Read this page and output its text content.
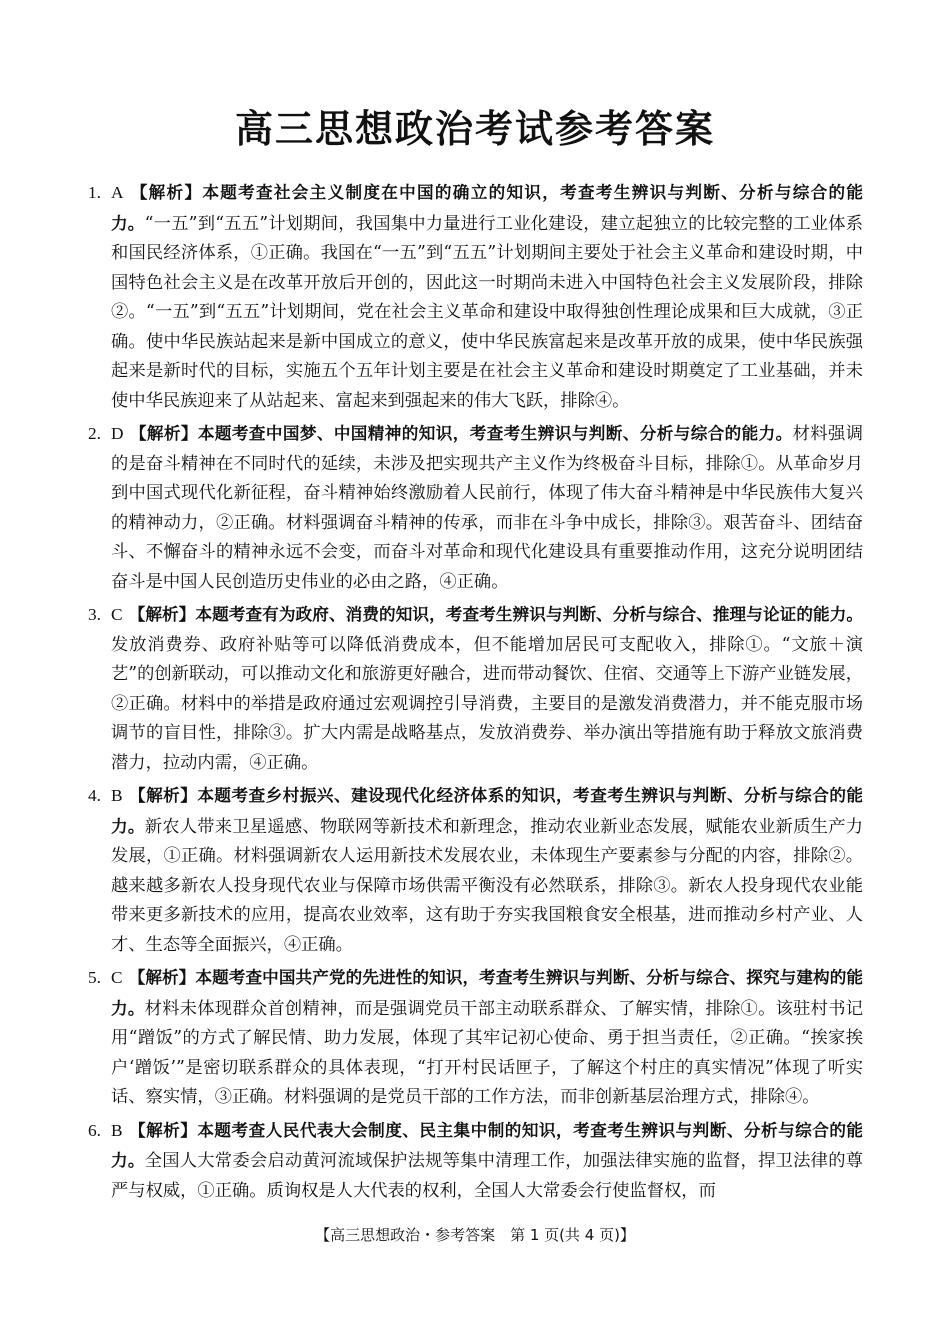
高三思想政治考试参考答案
1. A 【解析】本题考查社会主义制度在中国的确立的知识，考查考生辨识与判断、分析与综合的能力。“一五”到“五五”计划期间，我国集中力量进行工业化建设，建立起独立的比较完整的工业体系和国民经济体系，①正确。我国在“一五”到“五五”计划期间主要处于社会主义革命和建设时期，中国特色社会主义是在改革开放后开创的，因此这一时期尚未进入中国特色社会主义发展阶段，排除②。“一五”到“五五”计划期间，党在社会主义革命和建设中取得独创性理论成果和巨大成就，③正确。使中华民族站起来是新中国成立的意义，使中华民族富起来是改革开放的成果，使中华民族强起来是新时代的目标，实施五个五年计划主要是在社会主义革命和建设时期奠定了工业基础，并未使中华民族迎来了从站起来、富起来到强起来的伟大飞跃，排除④。
2. D 【解析】本题考查中国梦、中国精神的知识，考查考生辨识与判断、分析与综合的能力。材料强调的是奋斗精神在不同时代的延续，未涉及把实现共产主义作为终极奋斗目标，排除①。从革命岁月到中国式现代化新征程，奋斗精神始终激励着人民前行，体现了伟大奋斗精神是中华民族伟大复兴的精神动力，②正确。材料强调奋斗精神的传承，而非在斗争中成长，排除③。艰苦奋斗、团结奋斗、不懈奋斗的精神永远不会变，而奋斗对革命和现代化建设具有重要推动作用，这充分说明团结奋斗是中国人民创造历史伟业的必由之路，④正确。
3. C 【解析】本题考查有为政府、消费的知识，考查考生辨识与判断、分析与综合、推理与论证的能力。发放消费券、政府补贴等可以降低消费成本，但不能增加居民可支配收入，排除①。“文旅＋演艺”的创新联动，可以推动文化和旅游更好融合，进而带动餐饮、住宿、交通等上下游产业链发展，②正确。材料中的举措是政府通过宏观调控引导消费，主要目的是激发消费潜力，并不能克服市场调节的盲目性，排除③。扩大内需是战略基点，发放消费券、举办演出等措施有助于释放文旅消费潜力，拉动内需，④正确。
4. B 【解析】本题考查乡村振兴、建设现代化经济体系的知识，考查考生辨识与判断、分析与综合的能力。新农人带来卫星遥感、物联网等新技术和新理念，推动农业新业态发展，赋能农业新质生产力发展，①正确。材料强调新农人运用新技术发展农业，未体现生产要素参与分配的内容，排除②。越来越多新农人投身现代农业与保障市场供需平衡没有必然联系，排除③。新农人投身现代农业能带来更多新技术的应用，提高农业效率，这有助于夯实我国粮食安全根基，进而推动乡村产业、人才、生态等全面振兴，④正确。
5. C 【解析】本题考查中国共产党的先进性的知识，考查考生辨识与判断、分析与综合、探究与建构的能力。材料未体现群众首创精神，而是强调党员干部主动联系群众、了解实情，排除①。该驻村书记用“蹭饭”的方式了解民情、助力发展，体现了其牢记初心使命、勇于担当责任，②正确。“挨家挨户‘蹭饭’”是密切联系群众的具体表现，“打开村民话匣子，了解这个村庄的真实情况”体现了听实话、察实情，③正确。材料强调的是党员干部的工作方法，而非创新基层治理方式，排除④。
6. B 【解析】本题考查人民代表大会制度、民主集中制的知识，考查考生辨识与判断、分析与综合的能力。全国人大常委会启动黄河流域保护法规等集中清理工作，加强法律实施的监督，捍卫法律的尊严与权威，①正确。质询权是人大代表的权利，全国人大常委会行使监督权，而
【高三思想政治・参考答案　第 1 页(共 4 页)】
